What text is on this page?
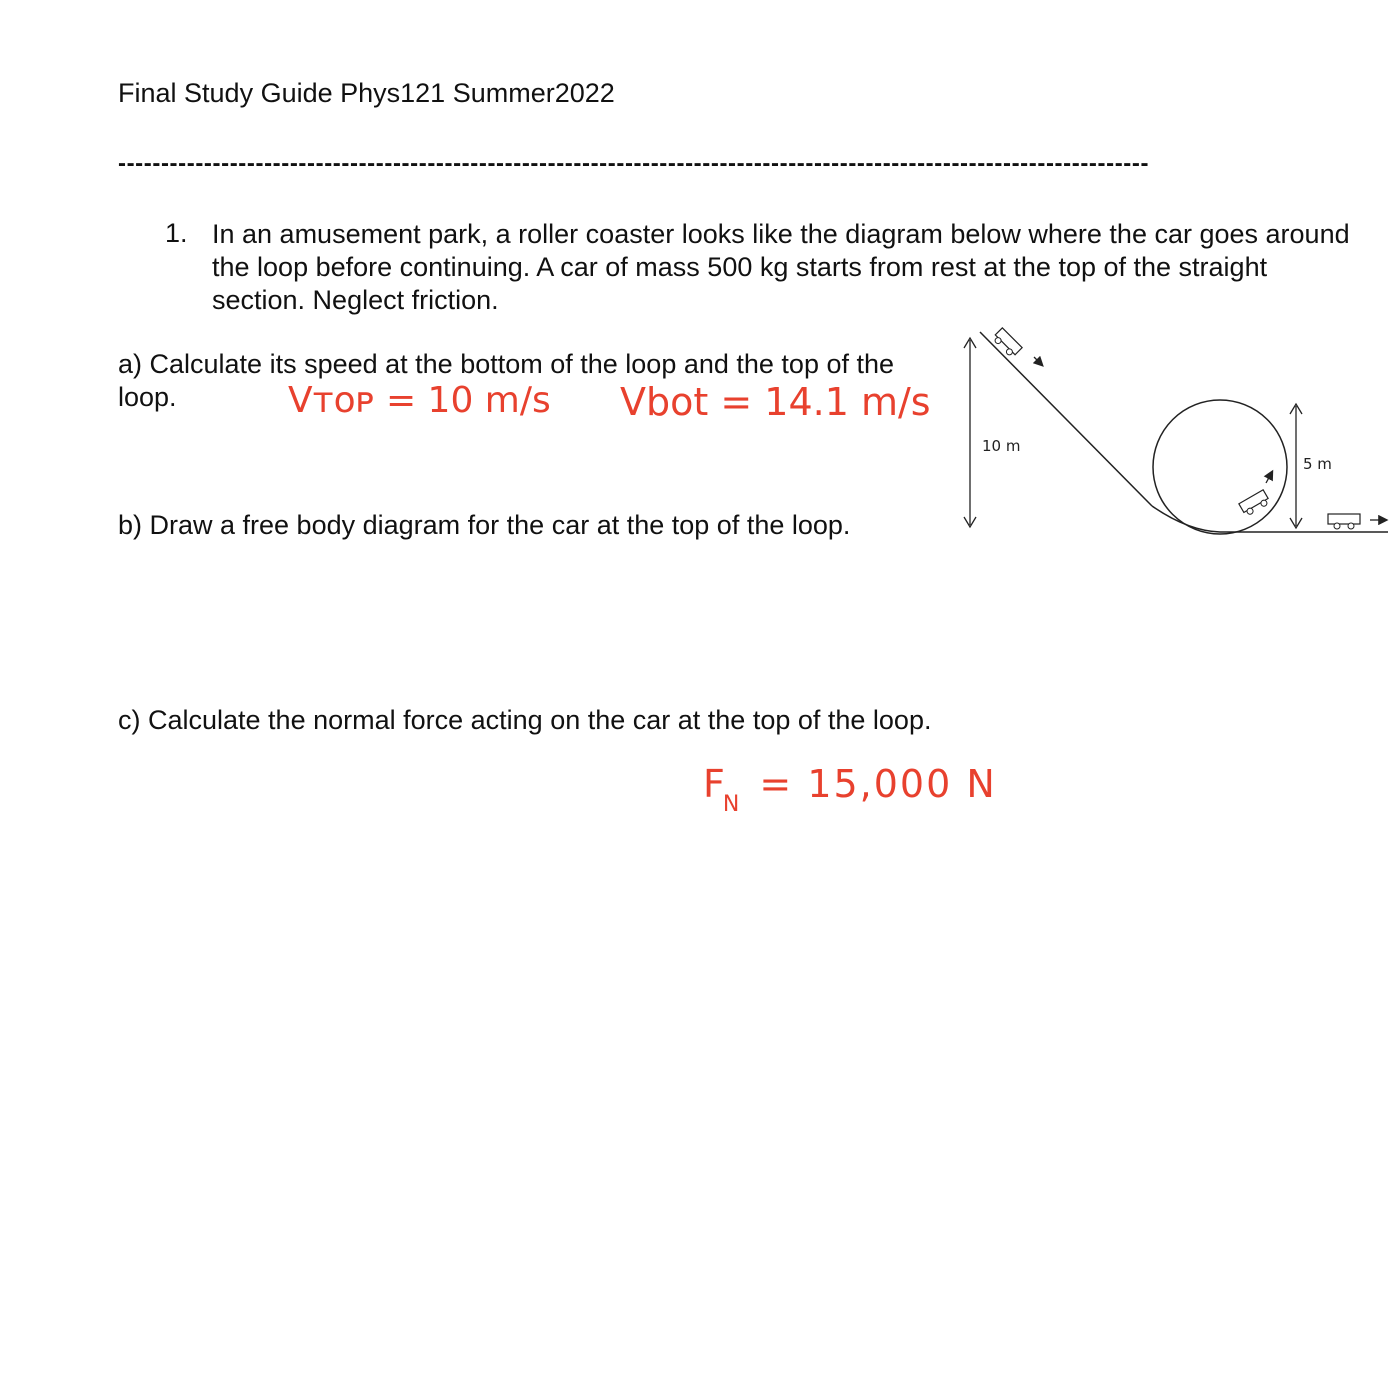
Final Study Guide Phys121 Summer2022
------------------------------------------------------------------------------------------------------------------------
1. In an amusement park, a roller coaster looks like the diagram below where the car goes around the loop before continuing. A car of mass 500 kg starts from rest at the top of the straight section. Neglect friction.
a) Calculate its speed at the bottom of the loop and the top of the loop.	Vᴛᴏᴘ = 10 m/s Vbot = 14.1 m/s
b) Draw a free body diagram for the car at the top of the loop.
c) Calculate the normal force acting on the car at the top of the loop.
$F_N = 15,000$ N
10 m
5 m
